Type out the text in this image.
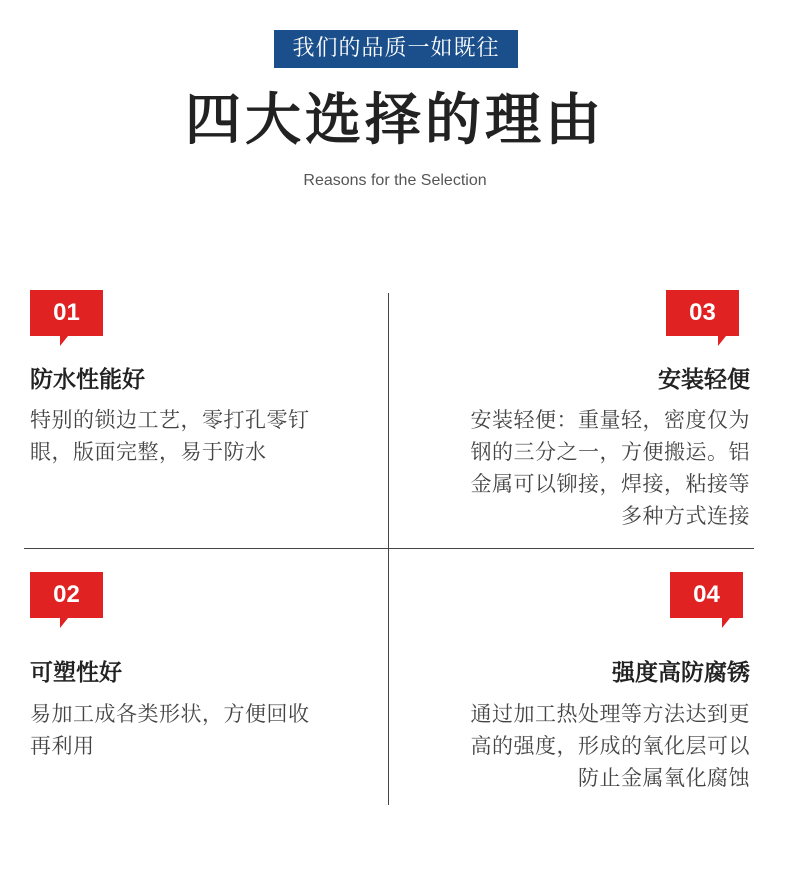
我们的品质一如既往
四大选择的理由
Reasons for the Selection
01
防水性能好
特别的锁边工艺，零打孔零钉
眼，版面完整，易于防水
03
安装轻便
安装轻便：重量轻，密度仅为
钢的三分之一，方便搬运。铝
金属可以铆接，焊接，粘接等
多种方式连接
02
可塑性好
易加工成各类形状，方便回收
再利用
04
强度高防腐锈
通过加工热处理等方法达到更
高的强度，形成的氧化层可以
防止金属氧化腐蚀
